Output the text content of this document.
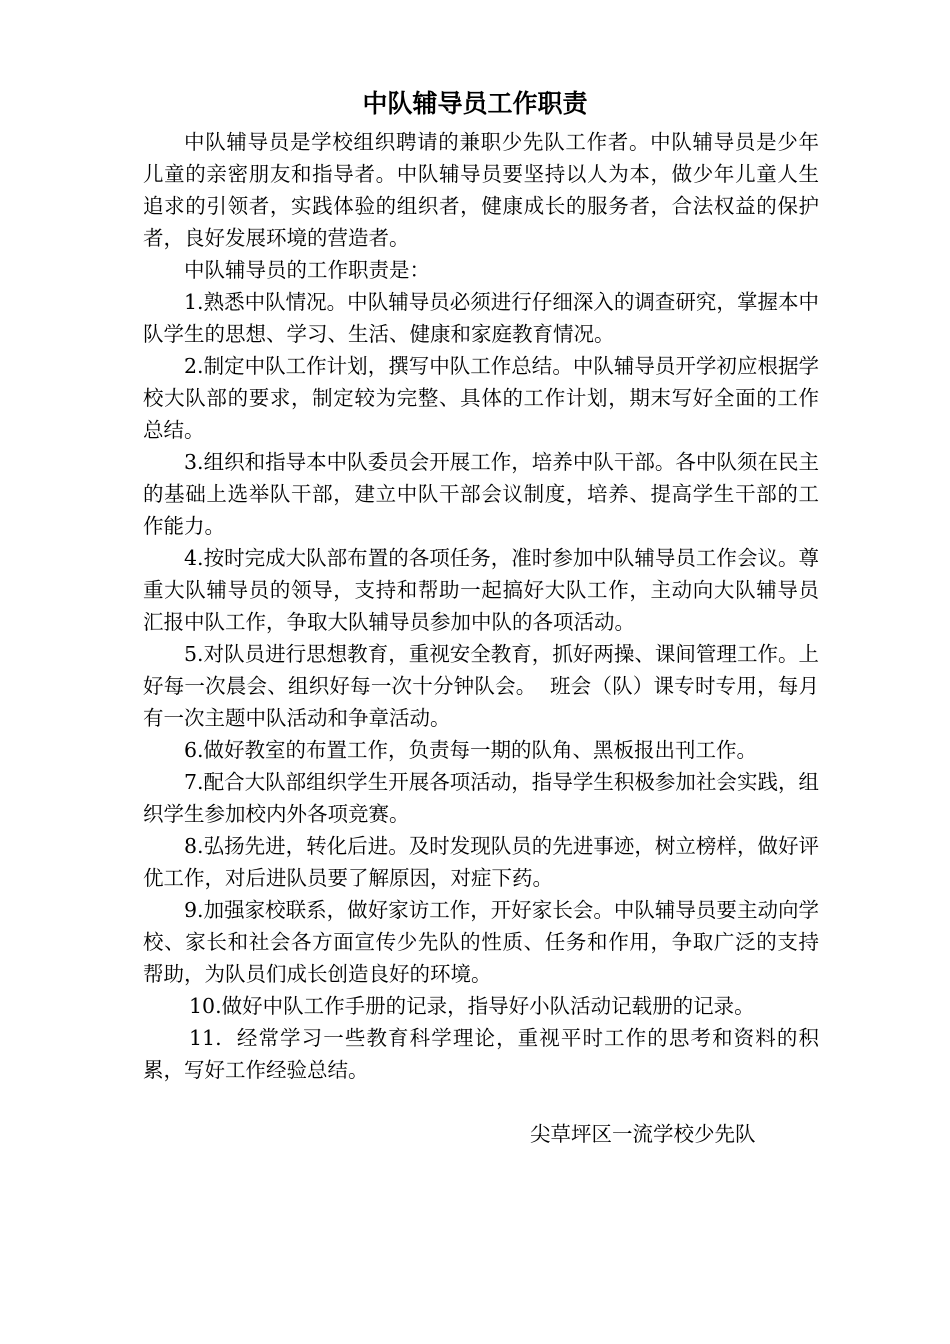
中队辅导员工作职责

中队辅导员是学校组织聘请的兼职少先队工作者。中队辅导员是少年儿童的亲密朋友和指导者。中队辅导员要坚持以人为本，做少年儿童人生追求的引领者，实践体验的组织者，健康成长的服务者，合法权益的保护者，良好发展环境的营造者。

中队辅导员的工作职责是：

1.熟悉中队情况。中队辅导员必须进行仔细深入的调查研究，掌握本中队学生的思想、学习、生活、健康和家庭教育情况。

2.制定中队工作计划，撰写中队工作总结。中队辅导员开学初应根据学校大队部的要求，制定较为完整、具体的工作计划，期末写好全面的工作总结。

3.组织和指导本中队委员会开展工作，培养中队干部。各中队须在民主的基础上选举队干部，建立中队干部会议制度，培养、提高学生干部的工作能力。

4.按时完成大队部布置的各项任务，准时参加中队辅导员工作会议。尊重大队辅导员的领导，支持和帮助一起搞好大队工作，主动向大队辅导员汇报中队工作，争取大队辅导员参加中队的各项活动。

5.对队员进行思想教育，重视安全教育，抓好两操、课间管理工作。上好每一次晨会、组织好每一次十分钟队会。  班会（队）课专时专用，每月有一次主题中队活动和争章活动。

6.做好教室的布置工作，负责每一期的队角、黑板报出刊工作。

7.配合大队部组织学生开展各项活动，指导学生积极参加社会实践，组织学生参加校内外各项竞赛。

8.弘扬先进，转化后进。及时发现队员的先进事迹，树立榜样，做好评优工作，对后进队员要了解原因，对症下药。

9.加强家校联系，做好家访工作，开好家长会。中队辅导员要主动向学校、家长和社会各方面宣传少先队的性质、任务和作用，争取广泛的支持帮助，为队员们成长创造良好的环境。

10.做好中队工作手册的记录，指导好小队活动记载册的记录。

11.  经常学习一些教育科学理论，重视平时工作的思考和资料的积累，写好工作经验总结。

尖草坪区一流学校少先队
